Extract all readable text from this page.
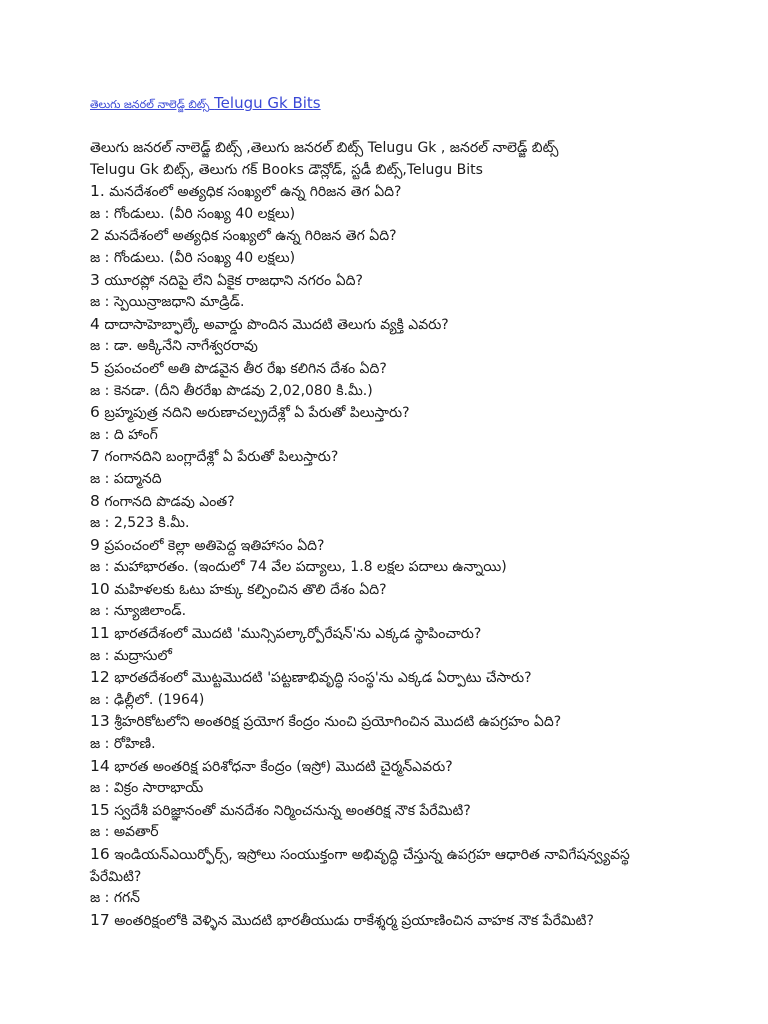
తెలుగు జనరల్ నాలెడ్జ్ బిట్స్ Telugu Gk Bits

తెలుగు జనరల్ నాలెడ్జ్ బిట్స్ ,తెలుగు జనరల్ బిట్స్ Telugu Gk , జనరల్ నాలెడ్జ్ బిట్స్
Telugu Gk బిట్స్, తెలుగు గక్ Books డౌన్లోడ్, స్టడీ బిట్స్,Telugu Bits

1. మనదేశంలో అత్యధిక సంఖ్యలో ఉన్న గిరిజన తెగ ఏది?
జ : గోండులు. (వీరి సంఖ్య 40 లక్షలు)
2 మనదేశంలో అత్యధిక సంఖ్యలో ఉన్న గిరిజన తెగ ఏది?
జ : గోండులు. (వీరి సంఖ్య 40 లక్షలు)
3 యూరప్లో నదిపై లేని ఏకైక రాజధాని నగరం ఏది?
జ : స్పెయిన్రాజధాని మాడ్రిడ్.
4 దాదాసాహెబ్ఫాల్కే అవార్డు పొందిన మొదటి తెలుగు వ్యక్తి ఎవరు?
జ : డా. అక్కినేని నాగేశ్వరరావు
5 ప్రపంచంలో అతి పొడవైన తీర రేఖ కలిగిన దేశం ఏది?
జ : కెనడా. (దీని తీరరేఖ పొడవు 2,02,080 కి.మీ.)
6 బ్రహ్మపుత్ర నదిని అరుణాచల్ప్రదేశ్లో ఏ పేరుతో పిలుస్తారు?
జ : ది హాంగ్
7 గంగానదిని బంగ్లాదేశ్లో ఏ పేరుతో పిలుస్తారు?
జ : పద్మానది
8 గంగానది పొడవు ఎంత?
జ : 2,523 కి.మీ.
9 ప్రపంచంలో కెల్లా అతిపెద్ద ఇతిహాసం ఏది?
జ : మహాభారతం. (ఇందులో 74 వేల పద్యాలు, 1.8 లక్షల పదాలు ఉన్నాయి)
10 మహిళలకు ఓటు హక్కు కల్పించిన తొలి దేశం ఏది?
జ : న్యూజిలాండ్.
11 భారతదేశంలో మొదటి 'మున్సిపల్కార్పోరేషన్'ను ఎక్కడ స్థాపించారు?
జ : మద్రాసులో
12 భారతదేశంలో మొట్టమొదటి 'పట్టణాభివృద్ధి సంస్థ'ను ఎక్కడ ఏర్పాటు చేసారు?
జ : ఢిల్లీలో. (1964)
13 శ్రీహరికోటలోని అంతరిక్ష ప్రయోగ కేంద్రం నుంచి ప్రయోగించిన మొదటి ఉపగ్రహం ఏది?
జ : రోహిణి.
14 భారత అంతరిక్ష పరిశోధనా కేంద్రం (ఇస్రో) మొదటి చైర్మన్ఎవరు?
జ : విక్రం సారాభాయ్
15 స్వదేశీ పరిజ్ఞానంతో మనదేశం నిర్మించనున్న అంతరిక్ష నౌక పేరేమిటి?
జ : అవతార్
16 ఇండియన్ఎయిర్ఫోర్స్, ఇస్రోలు సంయుక్తంగా అభివృద్ధి చేస్తున్న ఉపగ్రహ ఆధారిత నావిగేషన్వ్యవస్థ
పేరేమిటి?
జ : గగన్
17 అంతరిక్షంలోకి వెళ్ళిన మొదటి భారతీయుడు రాకేశ్శర్మ ప్రయాణించిన వాహక నౌక పేరేమిటి?
